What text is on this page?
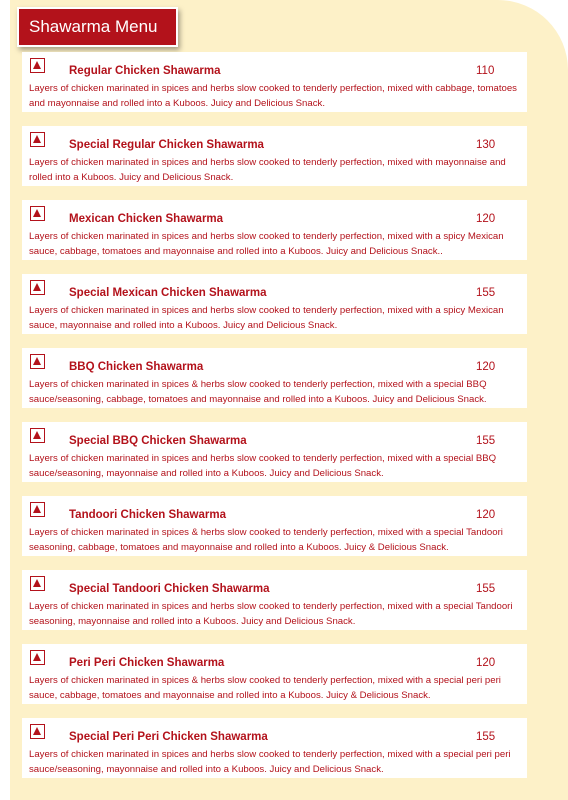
Shawarma Menu
Regular Chicken Shawarma	110
Layers of chicken marinated in spices and herbs slow cooked to tenderly perfection, mixed with cabbage, tomatoes and mayonnaise and rolled into a Kuboos. Juicy and Delicious Snack.
Special Regular Chicken Shawarma	130
Layers of chicken marinated in spices and herbs slow cooked to tenderly perfection, mixed with mayonnaise and rolled into a Kuboos. Juicy and Delicious Snack.
Mexican Chicken Shawarma	120
Layers of chicken marinated in spices and herbs slow cooked to tenderly perfection, mixed with a spicy Mexican sauce, cabbage, tomatoes and mayonnaise and rolled into a Kuboos. Juicy and Delicious Snack..
Special Mexican Chicken Shawarma	155
Layers of chicken marinated in spices and herbs slow cooked to tenderly perfection, mixed with a spicy Mexican sauce, mayonnaise and rolled into a Kuboos. Juicy and Delicious Snack.
BBQ Chicken Shawarma	120
Layers of chicken marinated in spices & herbs slow cooked to tenderly perfection, mixed with a special BBQ sauce/seasoning, cabbage, tomatoes and mayonnaise and rolled into a Kuboos. Juicy and Delicious Snack.
Special BBQ Chicken Shawarma	155
Layers of chicken marinated in spices and herbs slow cooked to tenderly perfection, mixed with a special BBQ sauce/seasoning, mayonnaise and rolled into a Kuboos. Juicy and Delicious Snack.
Tandoori Chicken Shawarma	120
Layers of chicken marinated in spices & herbs slow cooked to tenderly perfection, mixed with a special Tandoori seasoning, cabbage, tomatoes and mayonnaise and rolled into a Kuboos. Juicy & Delicious Snack.
Special Tandoori Chicken Shawarma	155
Layers of chicken marinated in spices and herbs slow cooked to tenderly perfection, mixed with a special Tandoori seasoning, mayonnaise and rolled into a Kuboos. Juicy and Delicious Snack.
Peri Peri Chicken Shawarma	120
Layers of chicken marinated in spices & herbs slow cooked to tenderly perfection, mixed with a special peri peri sauce, cabbage, tomatoes and mayonnaise and rolled into a Kuboos. Juicy & Delicious Snack.
Special Peri Peri Chicken Shawarma	155
Layers of chicken marinated in spices and herbs slow cooked to tenderly perfection, mixed with a special peri peri sauce/seasoning, mayonnaise and rolled into a Kuboos. Juicy and Delicious Snack.
